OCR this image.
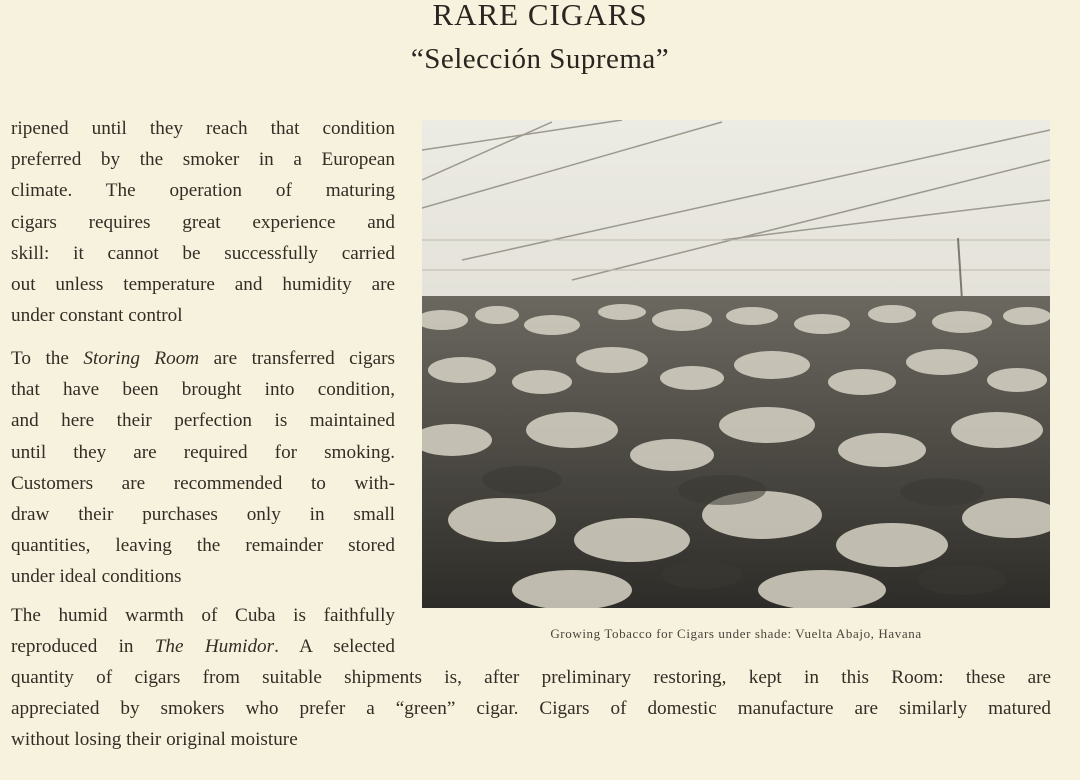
RARE CIGARS
“Selección Suprema”
ripened until they reach that condition
preferred by the smoker in a European
climate. The operation of maturing
cigars requires great experience and
skill: it cannot be successfully carried
out unless temperature and humidity are
under constant control
To the Storing Room are transferred cigars
that have been brought into condition,
and here their perfection is maintained
until they are required for smoking.
Customers are recommended to with-
draw their purchases only in small
quantities, leaving the remainder stored
under ideal conditions
The humid warmth of Cuba is faithfully
reproduced in The Humidor. A selected
quantity of cigars from suitable shipments is, after preliminary restoring, kept in this Room: these are
appreciated by smokers who prefer a “green” cigar. Cigars of domestic manufacture are similarly matured
without losing their original moisture
Growing Tobacco for Cigars under shade: Vuelta Abajo, Havana
